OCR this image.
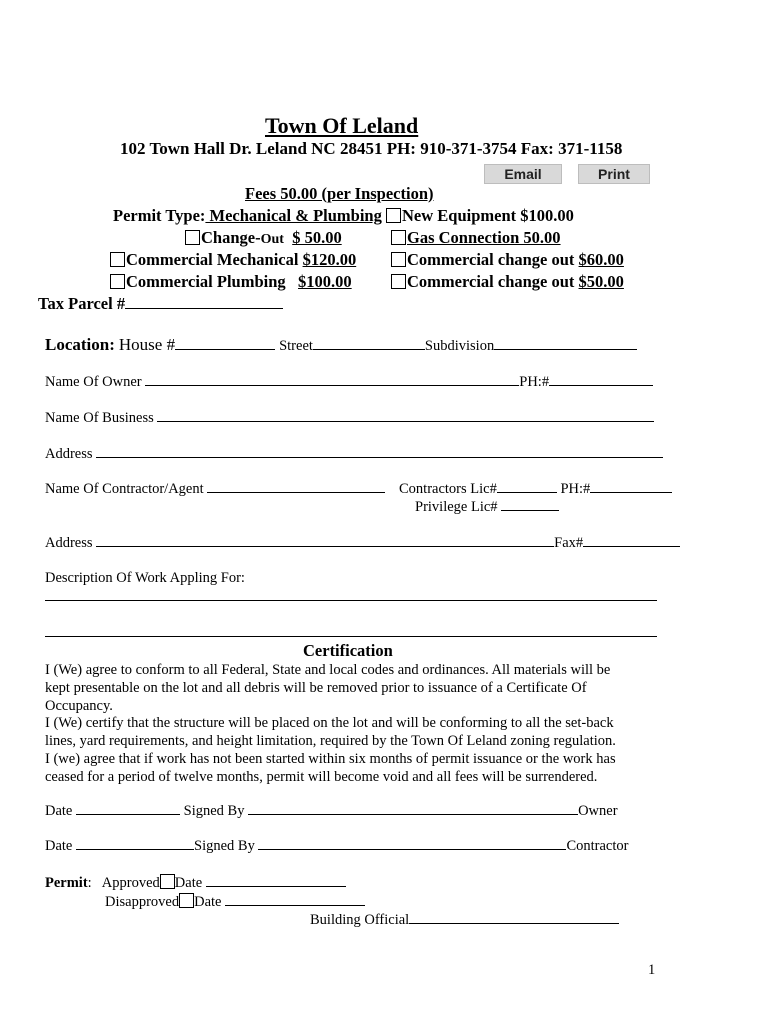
Town Of Leland
102 Town Hall Dr. Leland NC 28451 PH: 910-371-3754 Fax: 371-1158
Email	Print
Fees 50.00 (per Inspection)
Permit Type: Mechanical & Plumbing New Equipment $100.00
Change-Out $ 50.00	Gas Connection 50.00
Commercial Mechanical $120.00	Commercial change out $60.00
Commercial Plumbing   $100.00	Commercial change out $50.00
Tax Parcel #
Location: House #	Street	Subdivision
Name Of Owner	PH:#
Name Of Business
Address
Name Of Contractor/Agent	Contractors Lic#	PH:#
Privilege Lic#
Address	Fax#
Description Of Work Appling For:
Certification
I (We) agree to conform to all Federal, State and local codes and ordinances. All materials will be
kept presentable on the lot and all debris will be removed prior to issuance of a Certificate Of
Occupancy.
I (We) certify that the structure will be placed on the lot and will be conforming to all the set-back
lines, yard requirements, and height limitation, required by the Town Of Leland zoning regulation.
I (we) agree that if work has not been started within six months of permit issuance or the work has
ceased for a period of twelve months, permit will become void and all fees will be surrendered.
Date	Signed By	Owner
Date	Signed By	Contractor
Permit: Approved Date
Disapproved Date
Building Official
1
